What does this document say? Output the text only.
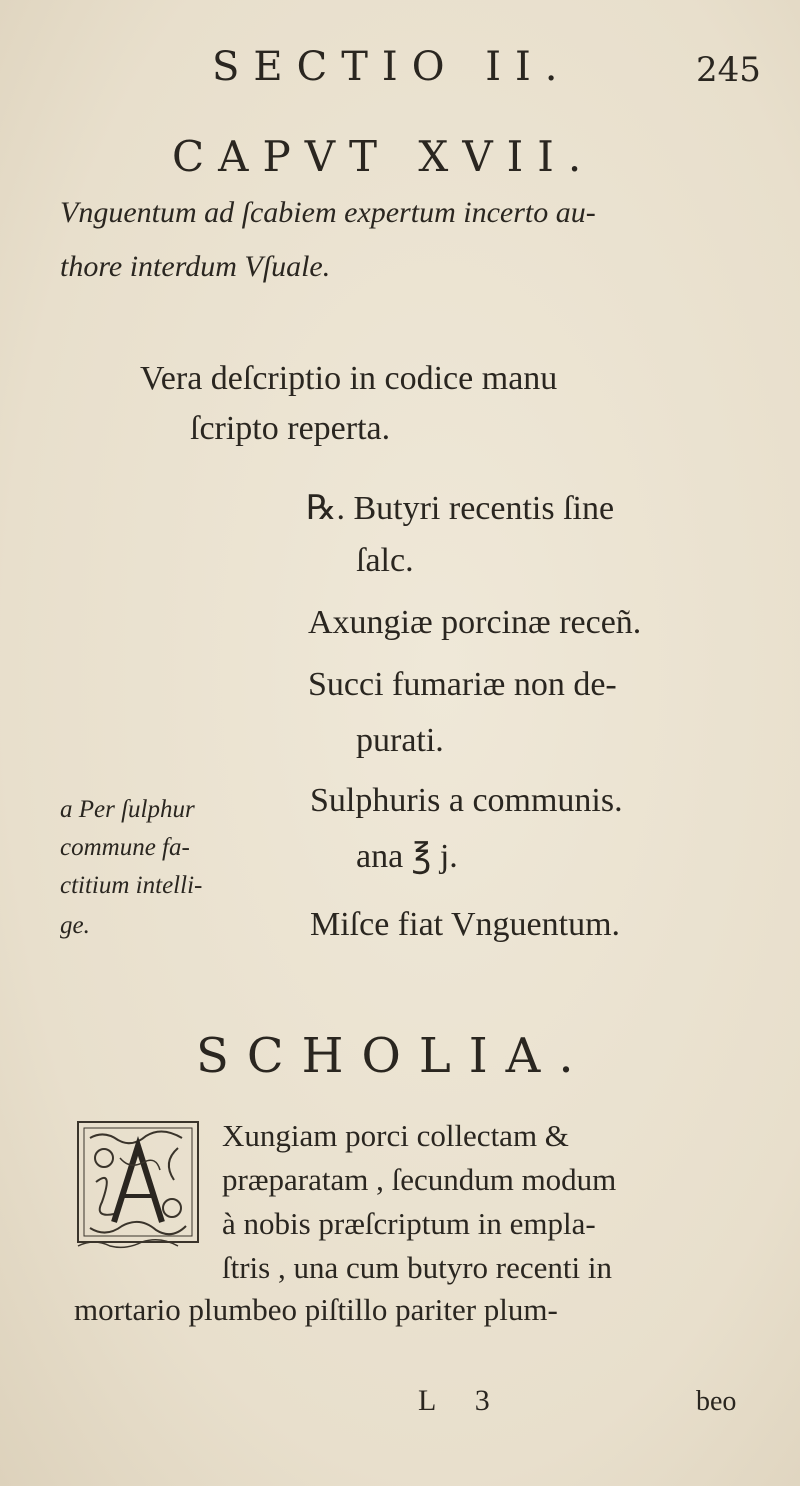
SECTIO II.	245
CAPVT XVII.
Vnguentum ad ſcabiem expertum incerto au-
thore interdum Vſuale.
Vera deſcriptio in codice manu
ſcripto reperta.
℞. Butyri recentis ſine
ſalc.
Axungiæ porcinæ receñ.
Succi fumariæ non de-
purati.
Sulphuris a communis.
ana ℥ j.
Miſce fiat Vnguentum.
a Per ſulphur
commune fa-
ctitium intelli-
ge.
SCHOLIA.
Xungiam porci collectam &
præparatam , ſecundum modum
à nobis præſcriptum in empla-
ſtris , una cum butyro recenti in
mortario plumbeo piſtillo pariter plum-
L 3	beo
